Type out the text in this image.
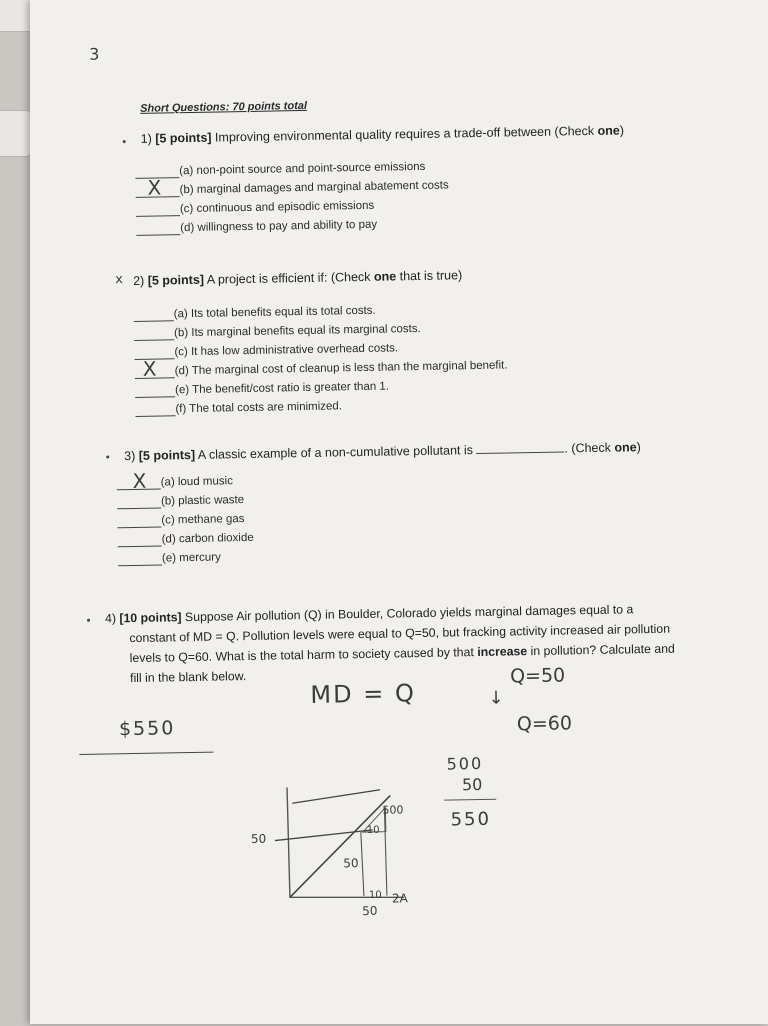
3
Short Questions: 70 points total
1) [5 points] Improving environmental quality requires a trade-off between (Check one)
(a) non-point source and point-source emissions
X (b) marginal damages and marginal abatement costs
(c) continuous and episodic emissions
(d) willingness to pay and ability to pay
x 2) [5 points] A project is efficient if: (Check one that is true)
(a) Its total benefits equal its total costs.
(b) Its marginal benefits equal its marginal costs.
(c) It has low administrative overhead costs.
X (d) The marginal cost of cleanup is less than the marginal benefit.
(e) The benefit/cost ratio is greater than 1.
(f) The total costs are minimized.
3) [5 points] A classic example of a non-cumulative pollutant is	. (Check one)
X (a) loud music
(b) plastic waste
(c) methane gas
(d) carbon dioxide
(e) mercury
4) [10 points] Suppose Air pollution (Q) in Boulder, Colorado yields marginal damages equal to a
constant of MD = Q. Pollution levels were equal to Q=50, but fracking activity increased air pollution
levels to Q=60. What is the total harm to society caused by that increase in pollution? Calculate and
fill in the blank below.
$550
MD = Q
Q=50
↓
Q=60
500
50
550
50
500
10
50
10
50
2A
